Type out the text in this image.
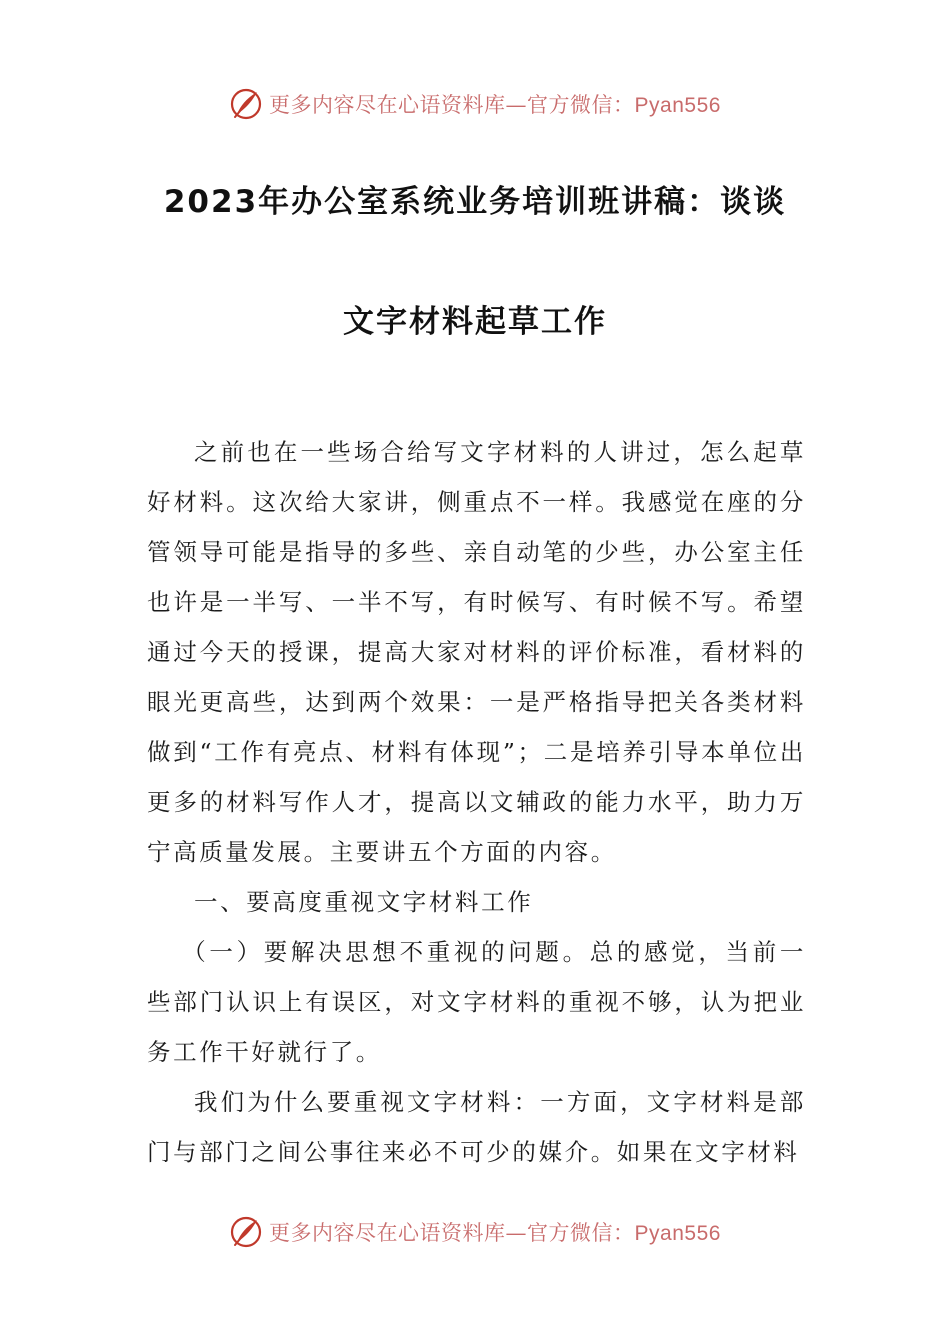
更多内容尽在心语资料库—官方微信：Pyan556
2023年办公室系统业务培训班讲稿：谈谈
文字材料起草工作

之前也在一些场合给写文字材料的人讲过，怎么起草好材料。这次给大家讲，侧重点不一样。我感觉在座的分管领导可能是指导的多些、亲自动笔的少些，办公室主任也许是一半写、一半不写，有时候写、有时候不写。希望通过今天的授课，提高大家对材料的评价标准，看材料的眼光更高些，达到两个效果：一是严格指导把关各类材料做到“工作有亮点、材料有体现”；二是培养引导本单位出更多的材料写作人才，提高以文辅政的能力水平，助力万宁高质量发展。主要讲五个方面的内容。

一、要高度重视文字材料工作

（一）要解决思想不重视的问题。总的感觉，当前一些部门认识上有误区，对文字材料的重视不够，认为把业务工作干好就行了。

我们为什么要重视文字材料：一方面，文字材料是部门与部门之间公事往来必不可少的媒介。如果在文字材料

更多内容尽在心语资料库—官方微信：Pyan556
